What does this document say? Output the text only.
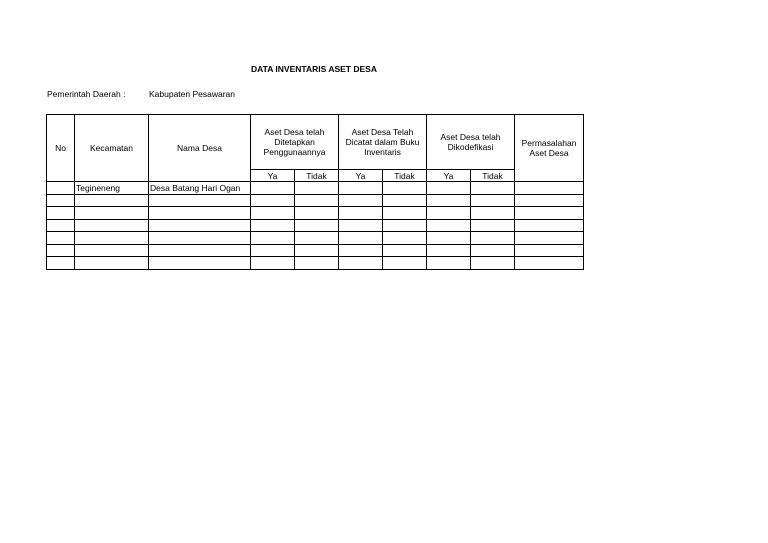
DATA INVENTARIS ASET DESA
Pemerintah Daerah :	Kabupaten Pesawaran
No	Kecamatan	Nama Desa	Aset Desa telah Ditetapkan Penggunaannya		Aset Desa Telah Dicatat dalam Buku Inventaris		Aset Desa telah Dikodefikasi		Permasalahan Aset Desa
			Ya	Tidak	Ya	Tidak	Ya	Tidak	
	Tegineneng	Desa Batang Hari Ogan							
